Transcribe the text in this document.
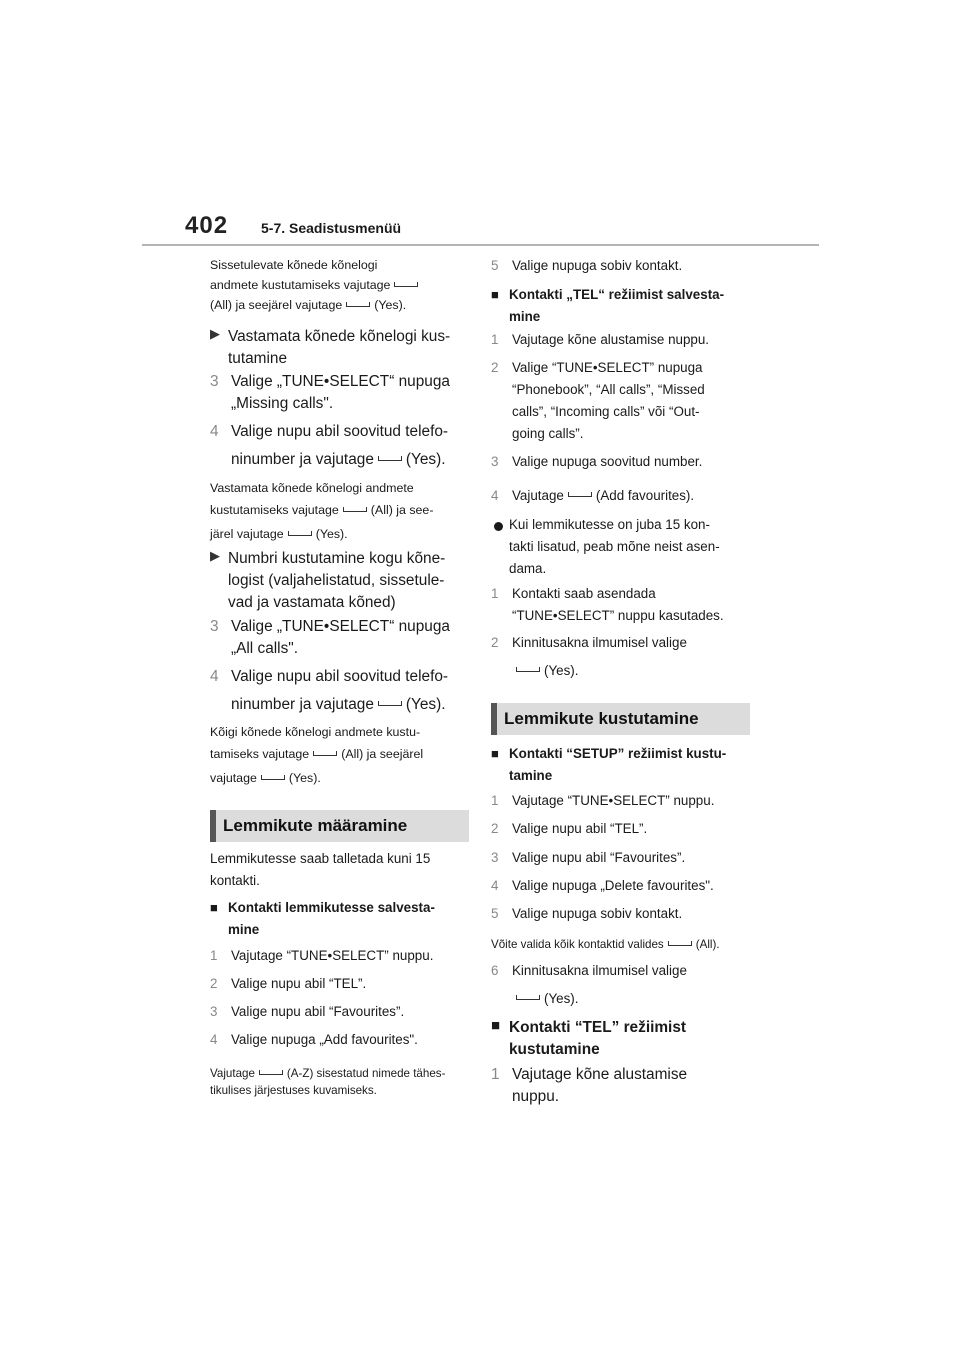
402 5-7. Seadistusmenüü

Sissetulevate kõnede kõnelogi

andmete kustutamiseks vajutage

(All) ja seejärel vajutage	(Yes).

▶ Vastamata kõnede kõnelogi kus-

tutamine

3 Valige „TUNE•SELECT“ nupuga

„Missing calls".

4 Valige nupu abil soovitud telefo-

ninumber ja vajutage (Yes).

Vastamata kõnede kõnelogi andmete

kustutamiseks vajutage	(All) ja see-

järel vajutage	(Yes).

▶ Numbri kustutamine kogu kõne-

logist (valjahelistatud, sissetule-

vad ja vastamata kõned)

3 Valige „TUNE•SELECT“ nupuga

„All calls".

4 Valige nupu abil soovitud telefo-

ninumber ja vajutage (Yes).

Kõigi kõnede kõnelogi andmete kustu-

tamiseks vajutage	(All) ja seejärel

vajutage	(Yes).

Lemmikute määramine

Lemmikutesse saab talletada kuni 15

kontakti.

■ Kontakti lemmikutesse salvesta-

mine

1 Vajutage “TUNE•SELECT” nuppu.

2 Valige nupu abil “TEL”.

3 Valige nupu abil “Favourites”.

4 Valige nupuga „Add favourites".

Vajutage	(A-Z) sisestatud nimede tähes-

tikulises järjestuses kuvamiseks.

5 Valige nupuga sobiv kontakt.

■ Kontakti „TEL“ režiimist salvesta-

mine

1 Vajutage kõne alustamise nuppu.

2 Valige “TUNE•SELECT” nupuga

“Phonebook”, “All calls”, “Missed

calls”, “Incoming calls” või “Out-

going calls”.

3 Valige nupuga soovitud number.

4 Vajutage (Add favourites).

Kui lemmikutesse on juba 15 kon-

takti lisatud, peab mõne neist asen-

dama.

1 Kontakti saab asendada

“TUNE•SELECT” nuppu kasutades.

2 Kinnitusakna ilmumisel valige

(Yes).

Lemmikute kustutamine
■ Kontakti “SETUP” režiimist kustu-

tamine

1 Vajutage “TUNE•SELECT” nuppu.

2 Valige nupu abil “TEL”.

3 Valige nupu abil “Favourites”.

4 Valige nupuga „Delete favourites".

5 Valige nupuga sobiv kontakt.

Võite valida kõik kontaktid valides	(All).

6 Kinnitusakna ilmumisel valige

(Yes).

■ Kontakti “TEL” režiimist

kustutamine

1 Vajutage kõne alustamise

nuppu.
